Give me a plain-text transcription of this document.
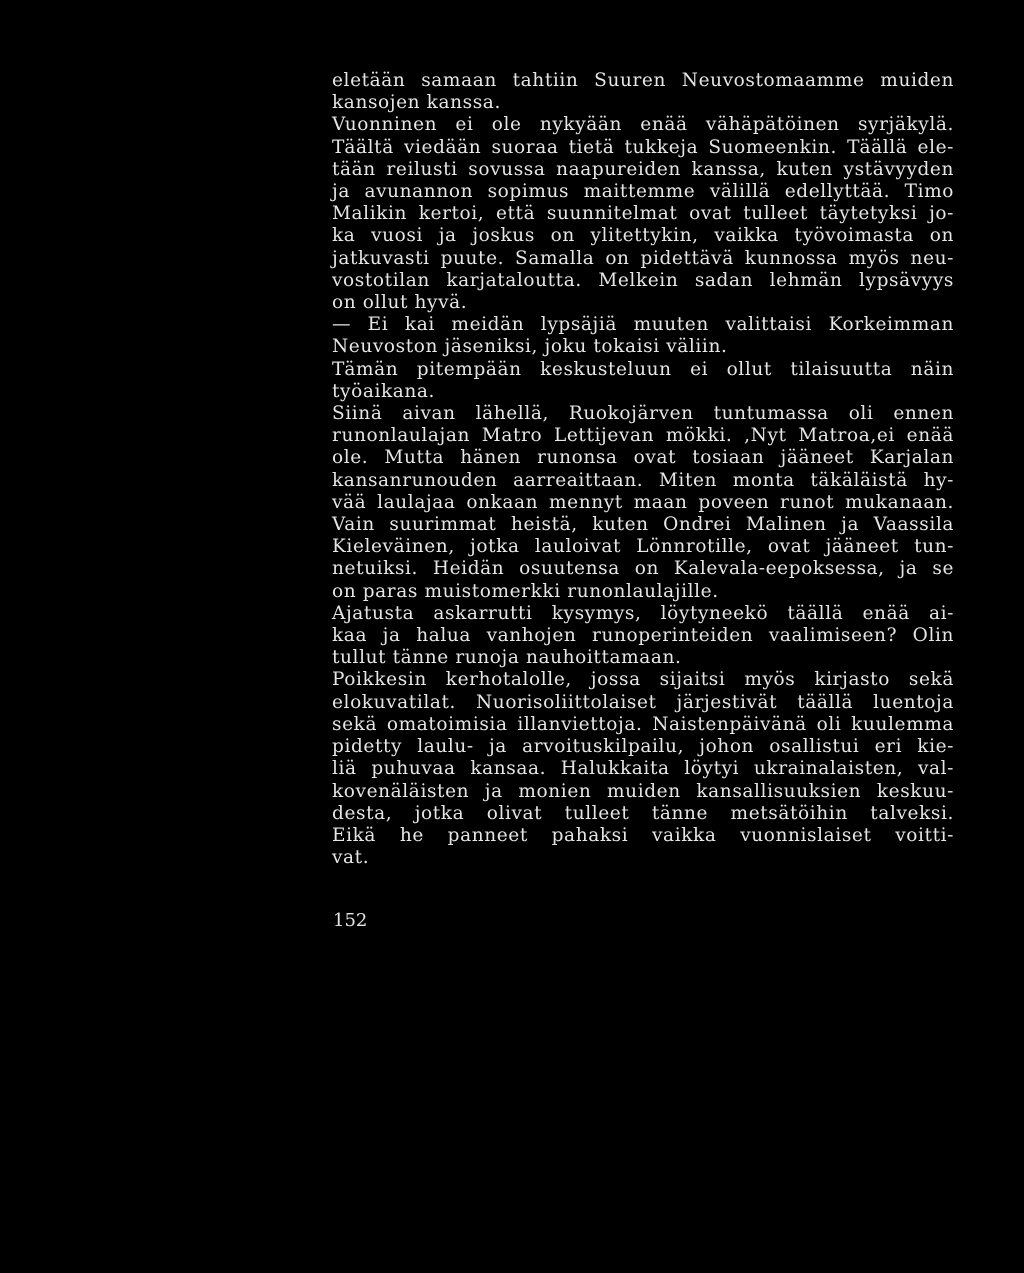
eletään samaan tahtiin Suuren Neuvostomaamme muiden
kansojen kanssa.
Vuonninen ei ole nykyään enää vähäpätöinen syrjäkylä.
Täältä viedään suoraa tietä tukkeja Suomeenkin. Täällä ele-
tään reilusti sovussa naapureiden kanssa, kuten ystävyyden
ja avunannon sopimus maittemme välillä edellyttää. Timo
Malikin kertoi, että suunnitelmat ovat tulleet täytetyksi jo-
ka vuosi ja joskus on ylitettykin, vaikka työvoimasta on
jatkuvasti puute. Samalla on pidettävä kunnossa myös neu-
vostotilan karjataloutta. Melkein sadan lehmän lypsävyys
on ollut hyvä.
— Ei kai meidän lypsäjiä muuten valittaisi Korkeimman
Neuvoston jäseniksi, joku tokaisi väliin.
Tämän pitempään keskusteluun ei ollut tilaisuutta näin
työaikana.
Siinä aivan lähellä, Ruokojärven tuntumassa oli ennen
runonlaulajan Matro Lettijevan mökki. ,Nyt Matroa,ei enää
ole. Mutta hänen runonsa ovat tosiaan jääneet Karjalan
kansanrunouden aarreaittaan. Miten monta täkäläistä hy-
vää laulajaa onkaan mennyt maan poveen runot mukanaan.
Vain suurimmat heistä, kuten Ondrei Malinen ja Vaassila
Kieleväinen, jotka lauloivat Lönnrotille, ovat jääneet tun-
netuiksi. Heidän osuutensa on Kalevala-eepoksessa, ja se
on paras muistomerkki runonlaulajille.
Ajatusta askarrutti kysymys, löytyneekö täällä enää ai-
kaa ja halua vanhojen runoperinteiden vaalimiseen? Olin
tullut tänne runoja nauhoittamaan.
Poikkesin kerhotalolle, jossa sijaitsi myös kirjasto sekä
elokuvatilat. Nuorisoliittolaiset järjestivät täällä luentoja
sekä omatoimisia illanviettoja. Naistenpäivänä oli kuulemma
pidetty laulu- ja arvoituskilpailu, johon osallistui eri kie-
liä puhuvaa kansaa. Halukkaita löytyi ukrainalaisten, val-
kovenäläisten ja monien muiden kansallisuuksien keskuu-
desta, jotka olivat tulleet tänne metsätöihin talveksi.
Eikä he panneet pahaksi vaikka vuonnislaiset voitti-
vat.
152
